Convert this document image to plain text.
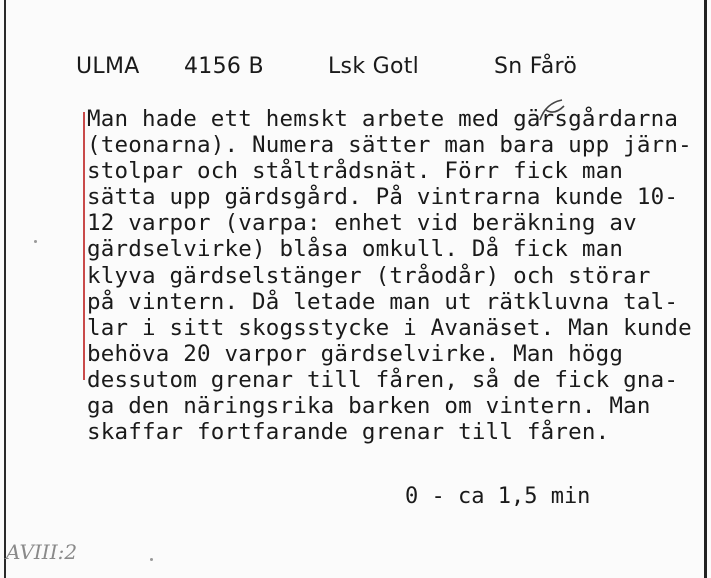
ULMA 4156 B	Lsk Gotl	Sn Fårö
Man hade ett hemskt arbete med gärsgårdarna
(teonarna). Numera sätter man bara upp järn-
stolpar och ståltrådsnät. Förr fick man
sätta upp gärdsgård. På vintrarna kunde 10-
12 varpor (varpa: enhet vid beräkning av
gärdselvirke) blåsa omkull. Då fick man
klyva gärdselstänger (tråodår) och störar
på vintern. Då letade man ut rätkluvna tal-
lar i sitt skogsstycke i Avanäset. Man kunde
behöva 20 varpor gärdselvirke. Man högg
dessutom grenar till fåren, så de fick gna-
ga den näringsrika barken om vintern. Man
skaffar fortfarande grenar till fåren.
0 - ca 1,5 min
AVIII:2
